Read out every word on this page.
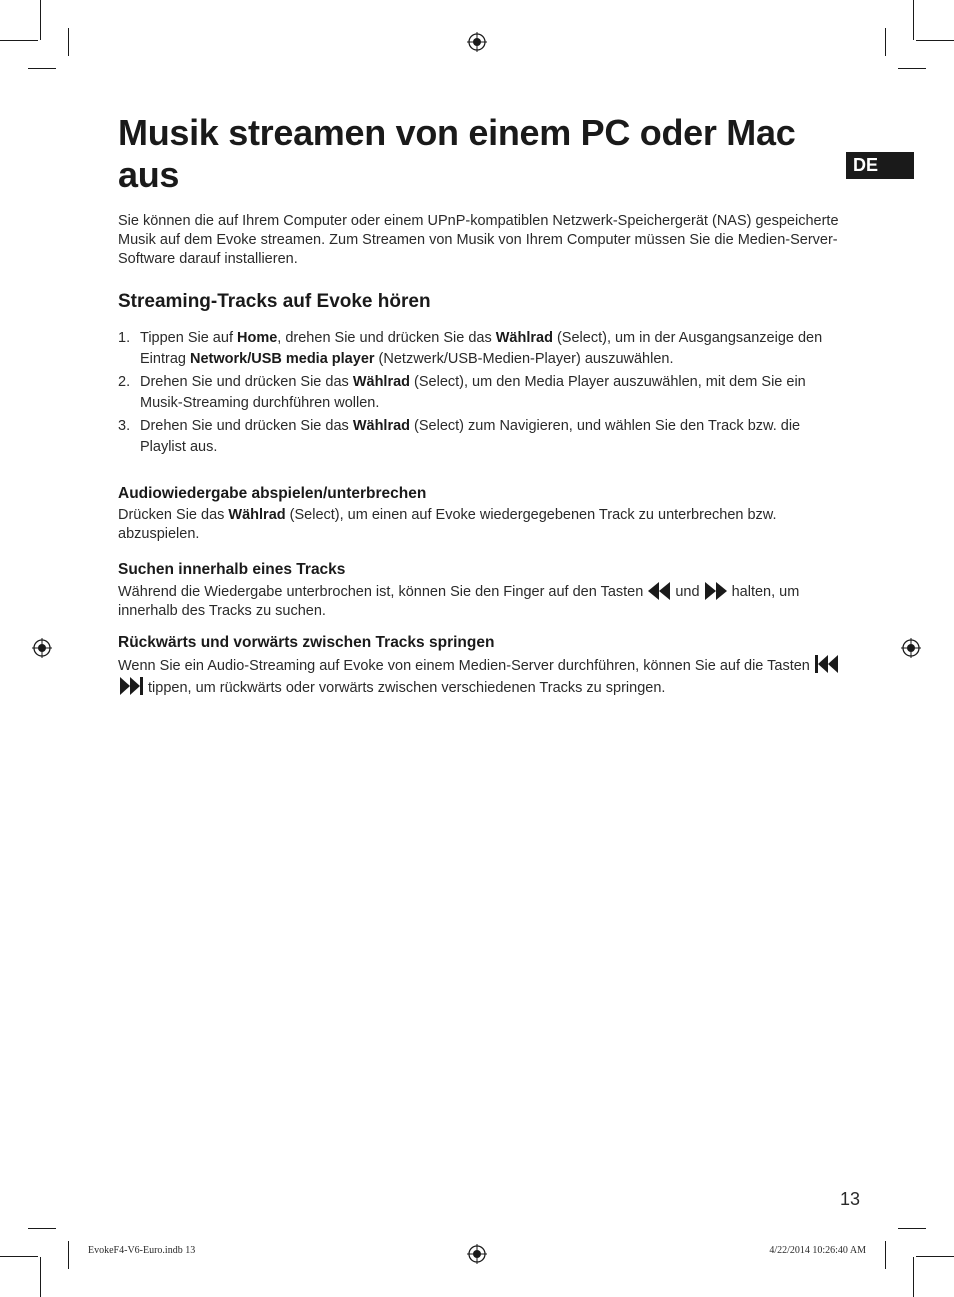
DE
Musik streamen von einem PC oder Mac aus

Sie können die auf Ihrem Computer oder einem UPnP-kompatiblen Netzwerk-Speichergerät (NAS) gespeicherte Musik auf dem Evoke streamen. Zum Streamen von Musik von Ihrem Computer müssen Sie die Medien-Server-Software darauf installieren.

Streaming-Tracks auf Evoke hören
1. Tippen Sie auf Home, drehen Sie und drücken Sie das Wählrad (Select), um in der Ausgangsanzeige den Eintrag Network/USB media player (Netzwerk/USB-Medien-Player) auszuwählen.
2. Drehen Sie und drücken Sie das Wählrad (Select), um den Media Player auszuwählen, mit dem Sie ein Musik-Streaming durchführen wollen.
3. Drehen Sie und drücken Sie das Wählrad (Select) zum Navigieren, und wählen Sie den Track bzw. die Playlist aus.
Audiowiedergabe abspielen/unterbrechen

Drücken Sie das Wählrad (Select), um einen auf Evoke wiedergegebenen Track zu unterbrechen bzw. abzuspielen.

Suchen innerhalb eines Tracks

Während die Wiedergabe unterbrochen ist, können Sie den Finger auf den Tasten  und  halten, um innerhalb des Tracks zu suchen.

Rückwärts und vorwärts zwischen Tracks springen

Wenn Sie ein Audio-Streaming auf Evoke von einem Medien-Server durchführen, können Sie auf die Tasten   tippen, um rückwärts oder vorwärts zwischen verschiedenen Tracks zu springen.

13
EvokeF4-V6-Euro.indb 13	4/22/2014 10:26:40 AM
